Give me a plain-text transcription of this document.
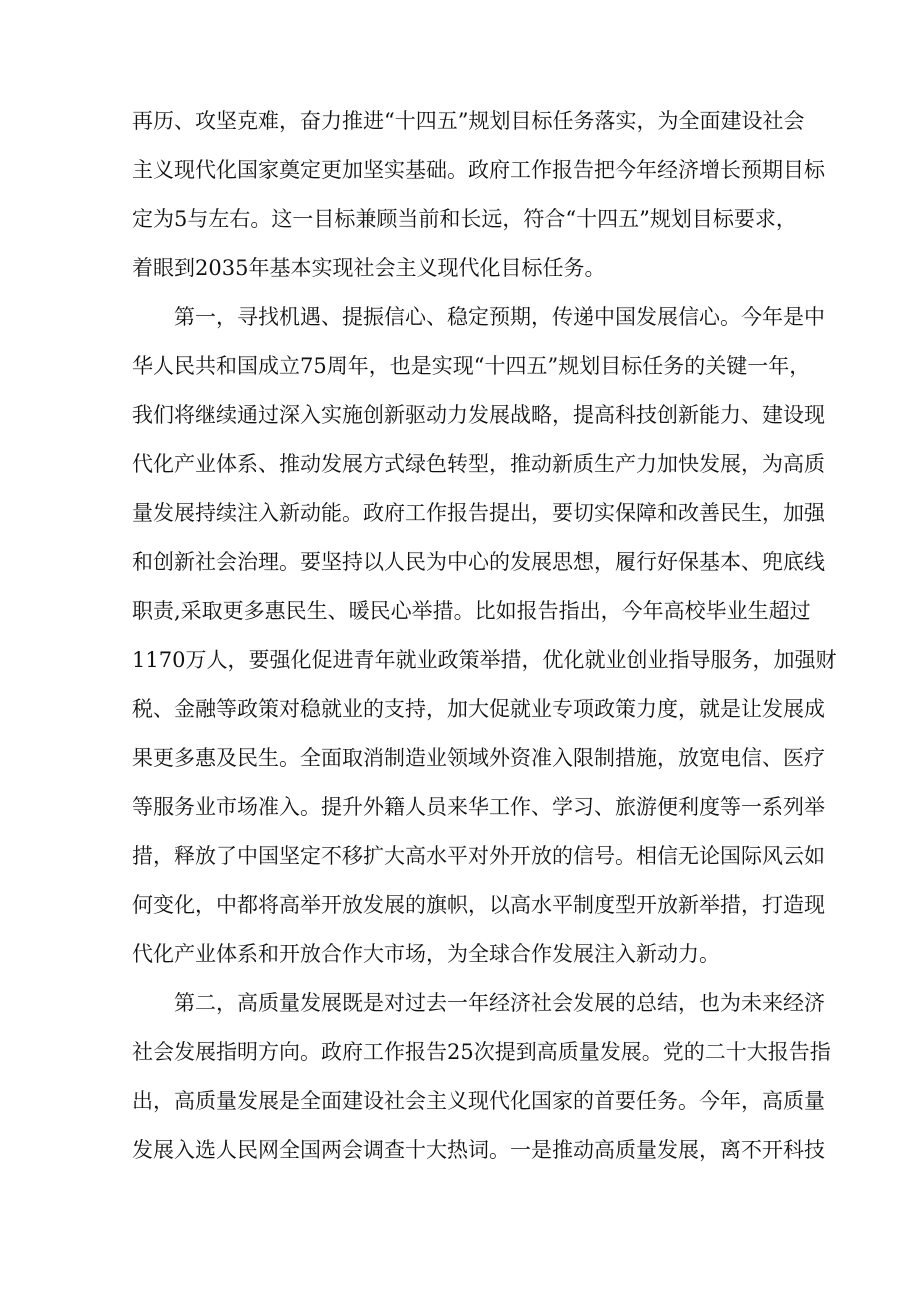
再历、攻坚克难，奋力推进“十四五”规划目标任务落实，为全面建设社会
主义现代化国家奠定更加坚实基础。政府工作报告把今年经济增长预期目标
定为5与左右。这一目标兼顾当前和长远，符合“十四五”规划目标要求，
着眼到2035年基本实现社会主义现代化目标任务。
第一，寻找机遇、提振信心、稳定预期，传递中国发展信心。今年是中
华人民共和国成立75周年，也是实现“十四五”规划目标任务的关键一年，
我们将继续通过深入实施创新驱动力发展战略，提高科技创新能力、建设现
代化产业体系、推动发展方式绿色转型，推动新质生产力加快发展，为高质
量发展持续注入新动能。政府工作报告提出，要切实保障和改善民生，加强
和创新社会治理。要坚持以人民为中心的发展思想，履行好保基本、兜底线
职责,采取更多惠民生、暖民心举措。比如报告指出，今年高校毕业生超过
1170万人，要强化促进青年就业政策举措，优化就业创业指导服务，加强财
税、金融等政策对稳就业的支持，加大促就业专项政策力度，就是让发展成
果更多惠及民生。全面取消制造业领域外资准入限制措施，放宽电信、医疗
等服务业市场准入。提升外籍人员来华工作、学习、旅游便利度等一系列举
措，释放了中国坚定不移扩大高水平对外开放的信号。相信无论国际风云如
何变化，中都将高举开放发展的旗帜，以高水平制度型开放新举措，打造现
代化产业体系和开放合作大市场，为全球合作发展注入新动力。
第二，高质量发展既是对过去一年经济社会发展的总结，也为未来经济
社会发展指明方向。政府工作报告25次提到高质量发展。党的二十大报告指
出，高质量发展是全面建设社会主义现代化国家的首要任务。今年，高质量
发展入选人民网全国两会调查十大热词。一是推动高质量发展，离不开科技
